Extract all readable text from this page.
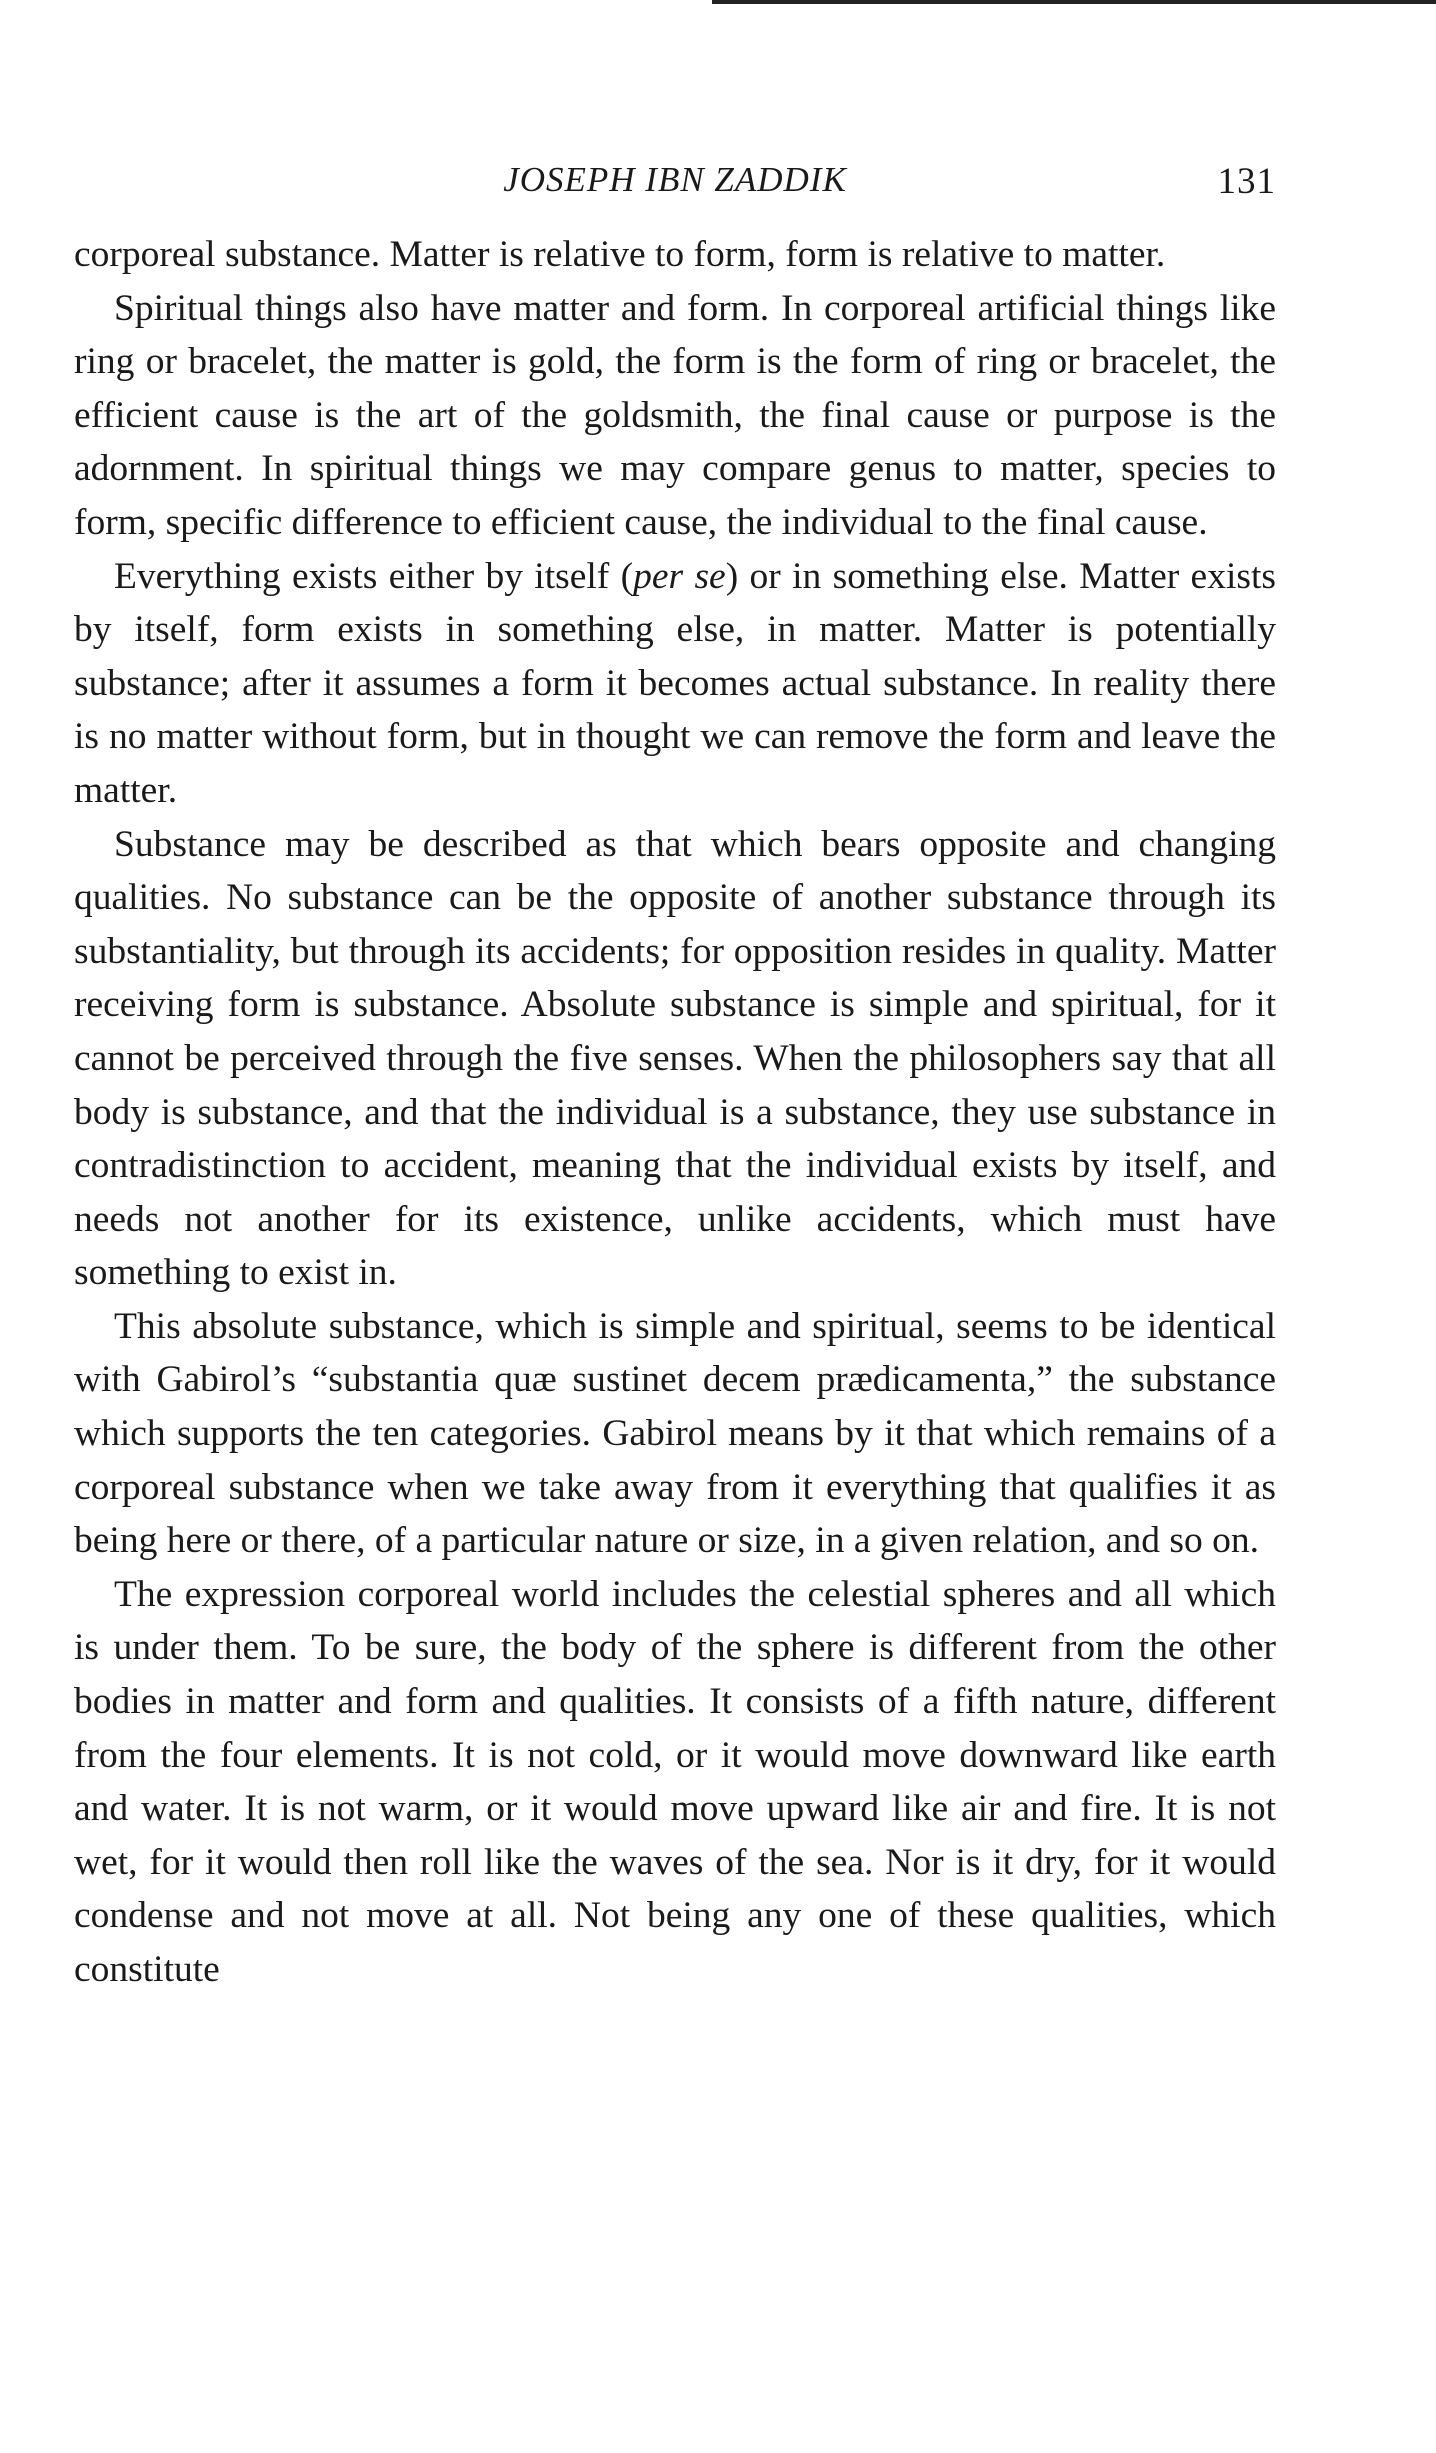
JOSEPH IBN ZADDIK	131

corporeal substance. Matter is relative to form, form is relative to matter.

Spiritual things also have matter and form. In corporeal artificial things like ring or bracelet, the matter is gold, the form is the form of ring or bracelet, the efficient cause is the art of the goldsmith, the final cause or purpose is the adornment. In spiritual things we may compare genus to matter, species to form, specific difference to efficient cause, the individual to the final cause.

Everything exists either by itself (per se) or in something else. Matter exists by itself, form exists in something else, in matter. Matter is potentially substance; after it assumes a form it becomes actual substance. In reality there is no matter without form, but in thought we can remove the form and leave the matter.

Substance may be described as that which bears opposite and changing qualities. No substance can be the opposite of another substance through its substantiality, but through its accidents; for opposition resides in quality. Matter receiving form is substance. Absolute substance is simple and spiritual, for it cannot be perceived through the five senses. When the philosophers say that all body is substance, and that the individual is a substance, they use substance in contradistinction to accident, meaning that the individual exists by itself, and needs not another for its existence, unlike accidents, which must have something to exist in.

This absolute substance, which is simple and spiritual, seems to be identical with Gabirol’s “substantia quæ sustinet decem prædicamenta,” the substance which supports the ten categories. Gabirol means by it that which remains of a corporeal substance when we take away from it everything that qualifies it as being here or there, of a particular nature or size, in a given relation, and so on.

The expression corporeal world includes the celestial spheres and all which is under them. To be sure, the body of the sphere is different from the other bodies in matter and form and qualities. It consists of a fifth nature, different from the four elements. It is not cold, or it would move downward like earth and water. It is not warm, or it would move upward like air and fire. It is not wet, for it would then roll like the waves of the sea. Nor is it dry, for it would condense and not move at all. Not being any one of these qualities, which constitute
